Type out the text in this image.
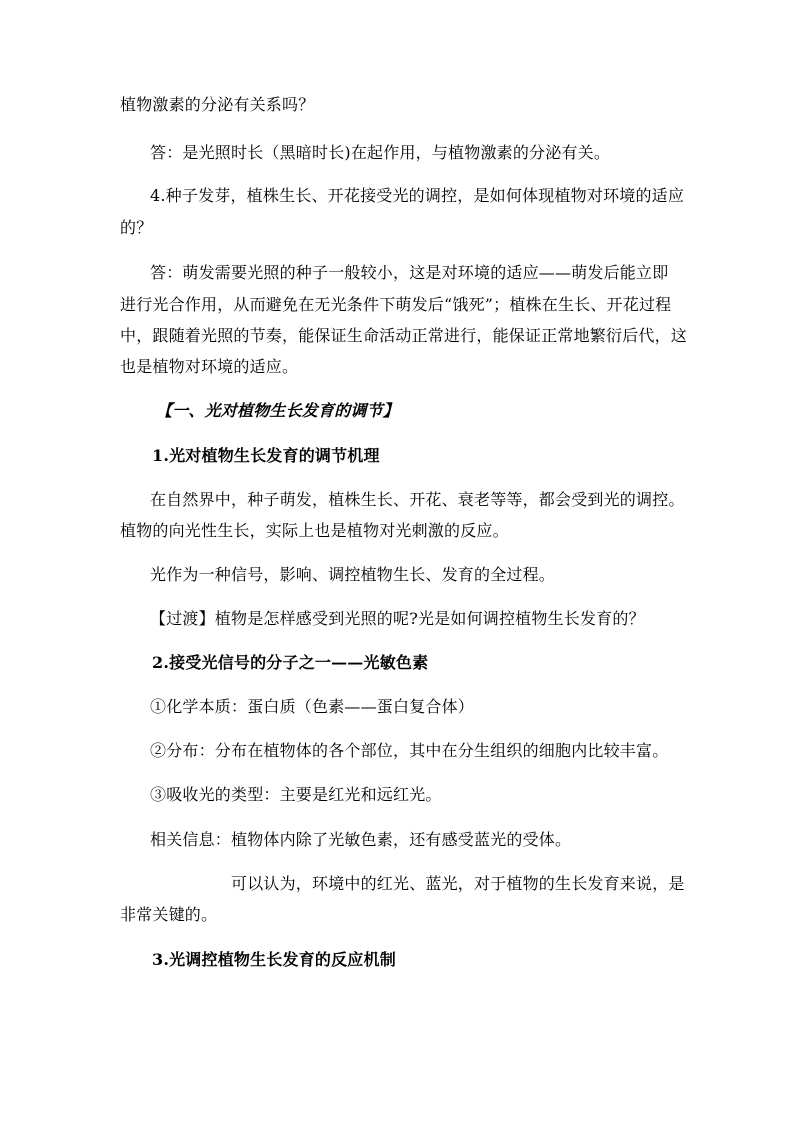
植物激素的分泌有关系吗？
答：是光照时长（黑暗时长)在起作用，与植物激素的分泌有关。
4.种子发芽，植株生长、开花接受光的调控，是如何体现植物对环境的适应
的？
答：萌发需要光照的种子一般较小，这是对环境的适应——萌发后能立即
进行光合作用，从而避免在无光条件下萌发后“饿死”；植株在生长、开花过程
中，跟随着光照的节奏，能保证生命活动正常进行，能保证正常地繁衍后代，这
也是植物对环境的适应。
【一、光对植物生长发育的调节】
1.光对植物生长发育的调节机理
在自然界中，种子萌发，植株生长、开花、衰老等等，都会受到光的调控。
植物的向光性生长，实际上也是植物对光刺激的反应。
光作为一种信号，影响、调控植物生长、发育的全过程。
【过渡】植物是怎样感受到光照的呢?光是如何调控植物生长发育的？
2.接受光信号的分子之一——光敏色素
①化学本质：蛋白质（色素——蛋白复合体）
②分布：分布在植物体的各个部位，其中在分生组织的细胞内比较丰富。
③吸收光的类型：主要是红光和远红光。
相关信息：植物体内除了光敏色素，还有感受蓝光的受体。
可以认为，环境中的红光、蓝光，对于植物的生长发育来说，是
非常关键的。
3.光调控植物生长发育的反应机制
